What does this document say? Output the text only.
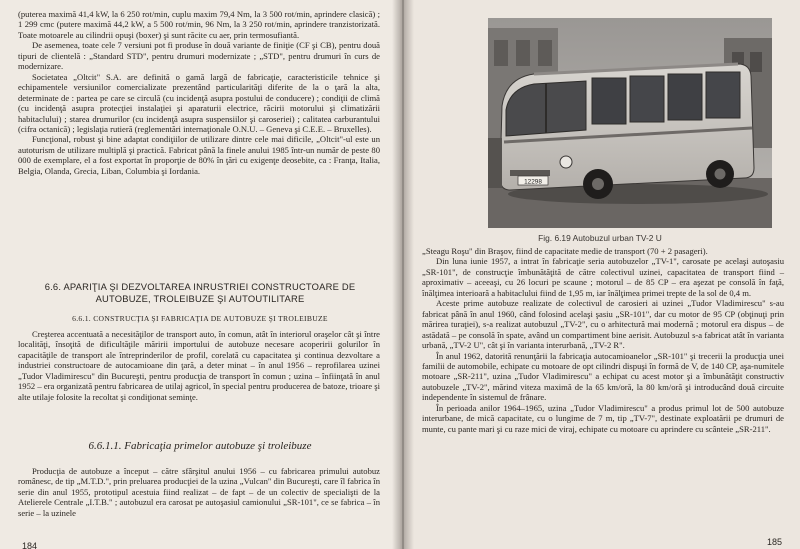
(puterea maximă 41,4 kW, la 6 250 rot/min, cuplu maxim 79,4 Nm, la 3 500 rot/min, aprindere clasică) ; 1 299 cmc (putere maximă 44,2 kW, a 5 500 rot/min, 96 Nm, la 3 250 rot/min, aprindere tranzistorizată. Toate motoarele au cilindrii opuşi (boxer) şi sunt răcite cu aer, prin termosufiantă.

De asemenea, toate cele 7 versiuni pot fi produse în două variante de finiţie (CF şi CB), pentru două tipuri de clientelă : „Standard STD", pentru drumuri modernizate ; „STD", pentru drumuri în curs de modernizare.

Societatea „Oltcit" S.A. are definită o gamă largă de fabricaţie, caracteristicile tehnice şi echipamentele versiunilor comercializate prezentând particularităţi diferite de la o ţară la alta, determinate de : partea pe care se circulă (cu incidenţă asupra postului de conducere) ; condiţii de climă (cu incidenţă asupra protecţiei instalaţiei şi aparaturii electrice, răcirii motorului şi climatizării habitaclului) ; starea drumurilor (cu incidenţă asupra suspensiilor şi caroseriei) ; calitatea carburantului (cifra octanică) ; legislaţia rutieră (reglementări internaţionale O.N.U. – Geneva şi C.E.E. – Bruxelles).

Funcţional, robust şi bine adaptat condiţiilor de utilizare dintre cele mai dificile, „Oltcit"-ul este un autoturism de utilizare multiplă şi practică. Fabricat până la finele anului 1985 într-un număr de peste 80 000 de exemplare, el a fost exportat în proporţie de 80% în ţări cu exigenţe deosebite, ca : Franţa, Italia, Belgia, Olanda, Grecia, Liban, Columbia şi Iordania.

6.6. APARIŢIA ŞI DEZVOLTAREA INRUSTRIEI CONSTRUCTOARE DE AUTOBUZE, TROLEIBUZE ŞI AUTOUTILITARE
6.6.1. CONSTRUCŢIA ŞI FABRICAŢIA DE AUTOBUZE ŞI TROLEIBUZE

Creşterea accentuată a necesităţilor de transport auto, în comun, atât în interiorul oraşelor cât şi între localităţi, însoţită de dificultăţile măririi importului de autobuze necesare acoperirii golurilor în capacităţile de transport ale întreprinderilor de profil, corelată cu capacitatea şi continua dezvoltare a industriei constructoare de autocamioane din ţară, a deter minat – în anul 1956 – reprofilarea uzinei „Tudor Vladimirescu" din Bucureşti, pentru producţia de transport în comun ; uzina – înfiinţată în anul 1952 – era organizată pentru fabricarea de utilaj agricol, în special pentru producerea de batoze, trioare şi alte utilaje folosite la recoltat şi condiţionat seminţe.

6.6.1.1. Fabricaţia primelor autobuze şi troleibuze

Producţia de autobuze a început – către sfârşitul anului 1956 – cu fabricarea primului autobuz românesc, de tip „M.T.D.", prin preluarea producţiei de la uzina „Vulcan" din Bucureşti, care îl fabrica în serie din anul 1955, prototipul acestuia fiind realizat – de fapt – de un colectiv de specialişti de la Atelierele Centrale „I.T.B." ; autobuzul era carosat pe autoşasiul camionului „SR-101", ce se fabrica – în serie – la uzinele

184	185
12298
Fig. 6.19 Autobuzul urban TV-2 U

„Steagu Roşu" din Braşov, fiind de capacitate medie de transport (70 + 2 pasageri).

Din luna iunie 1957, a intrat în fabricaţie seria autobuzelor „TV-1", carosate pe acelaşi autoşasiu „SR-101", de construcţie îmbunătăţită de către colectivul uzinei, capacitatea de transport fiind – aproximativ – aceeaşi, cu 26 locuri pe scaune ; motorul – de 85 CP – era aşezat pe consolă în faţă, înălţimea interioară a habitaclului fiind de 1,95 m, iar înălţimea primei trepte de la sol de 0,4 m.

Aceste prime autobuze realizate de colectivul de carosieri ai uzinei „Tudor Vladimirescu" s-au fabricat până în anul 1960, când folosind acelaşi şasiu „SR-101", dar cu motor de 95 CP (obţinuţi prin mărirea turaţiei), s-a realizat autobuzul „TV-2", cu o arhitectură mai modernă ; motorul era dispus – de astădată – pe consolă în spate, având un compartiment bine aerisit. Autobuzul s-a fabricat atât în varianta urbană, „TV-2 U", cât şi în varianta interurbană, „TV-2 R".

În anul 1962, datorită renunţării la fabricaţia autocamioanelor „SR-101" şi trecerii la producţia unei familii de automobile, echipate cu motoare de opt cilindri dispuşi în formă de V, de 140 CP, aşa-numitele motoare „SR-211", uzina „Tudor Vladimirescu" a echipat cu acest motor şi a îmbunătăţit constructiv autobuzele „TV-2", mărind viteza maximă de la 65 km/oră, la 80 km/oră şi introducând două circuite independente în sistemul de frânare.

În perioada anilor 1964–1965, uzina „Tudor Vladimirescu" a produs primul lot de 500 autobuze interurbane, de mică capacitate, cu o lungime de 7 m, tip „TV-7", destinate exploatării pe drumuri de munte, cu pante mari şi cu raze mici de viraj, echipate cu motoare cu aprindere cu scânteie „SR-211".
